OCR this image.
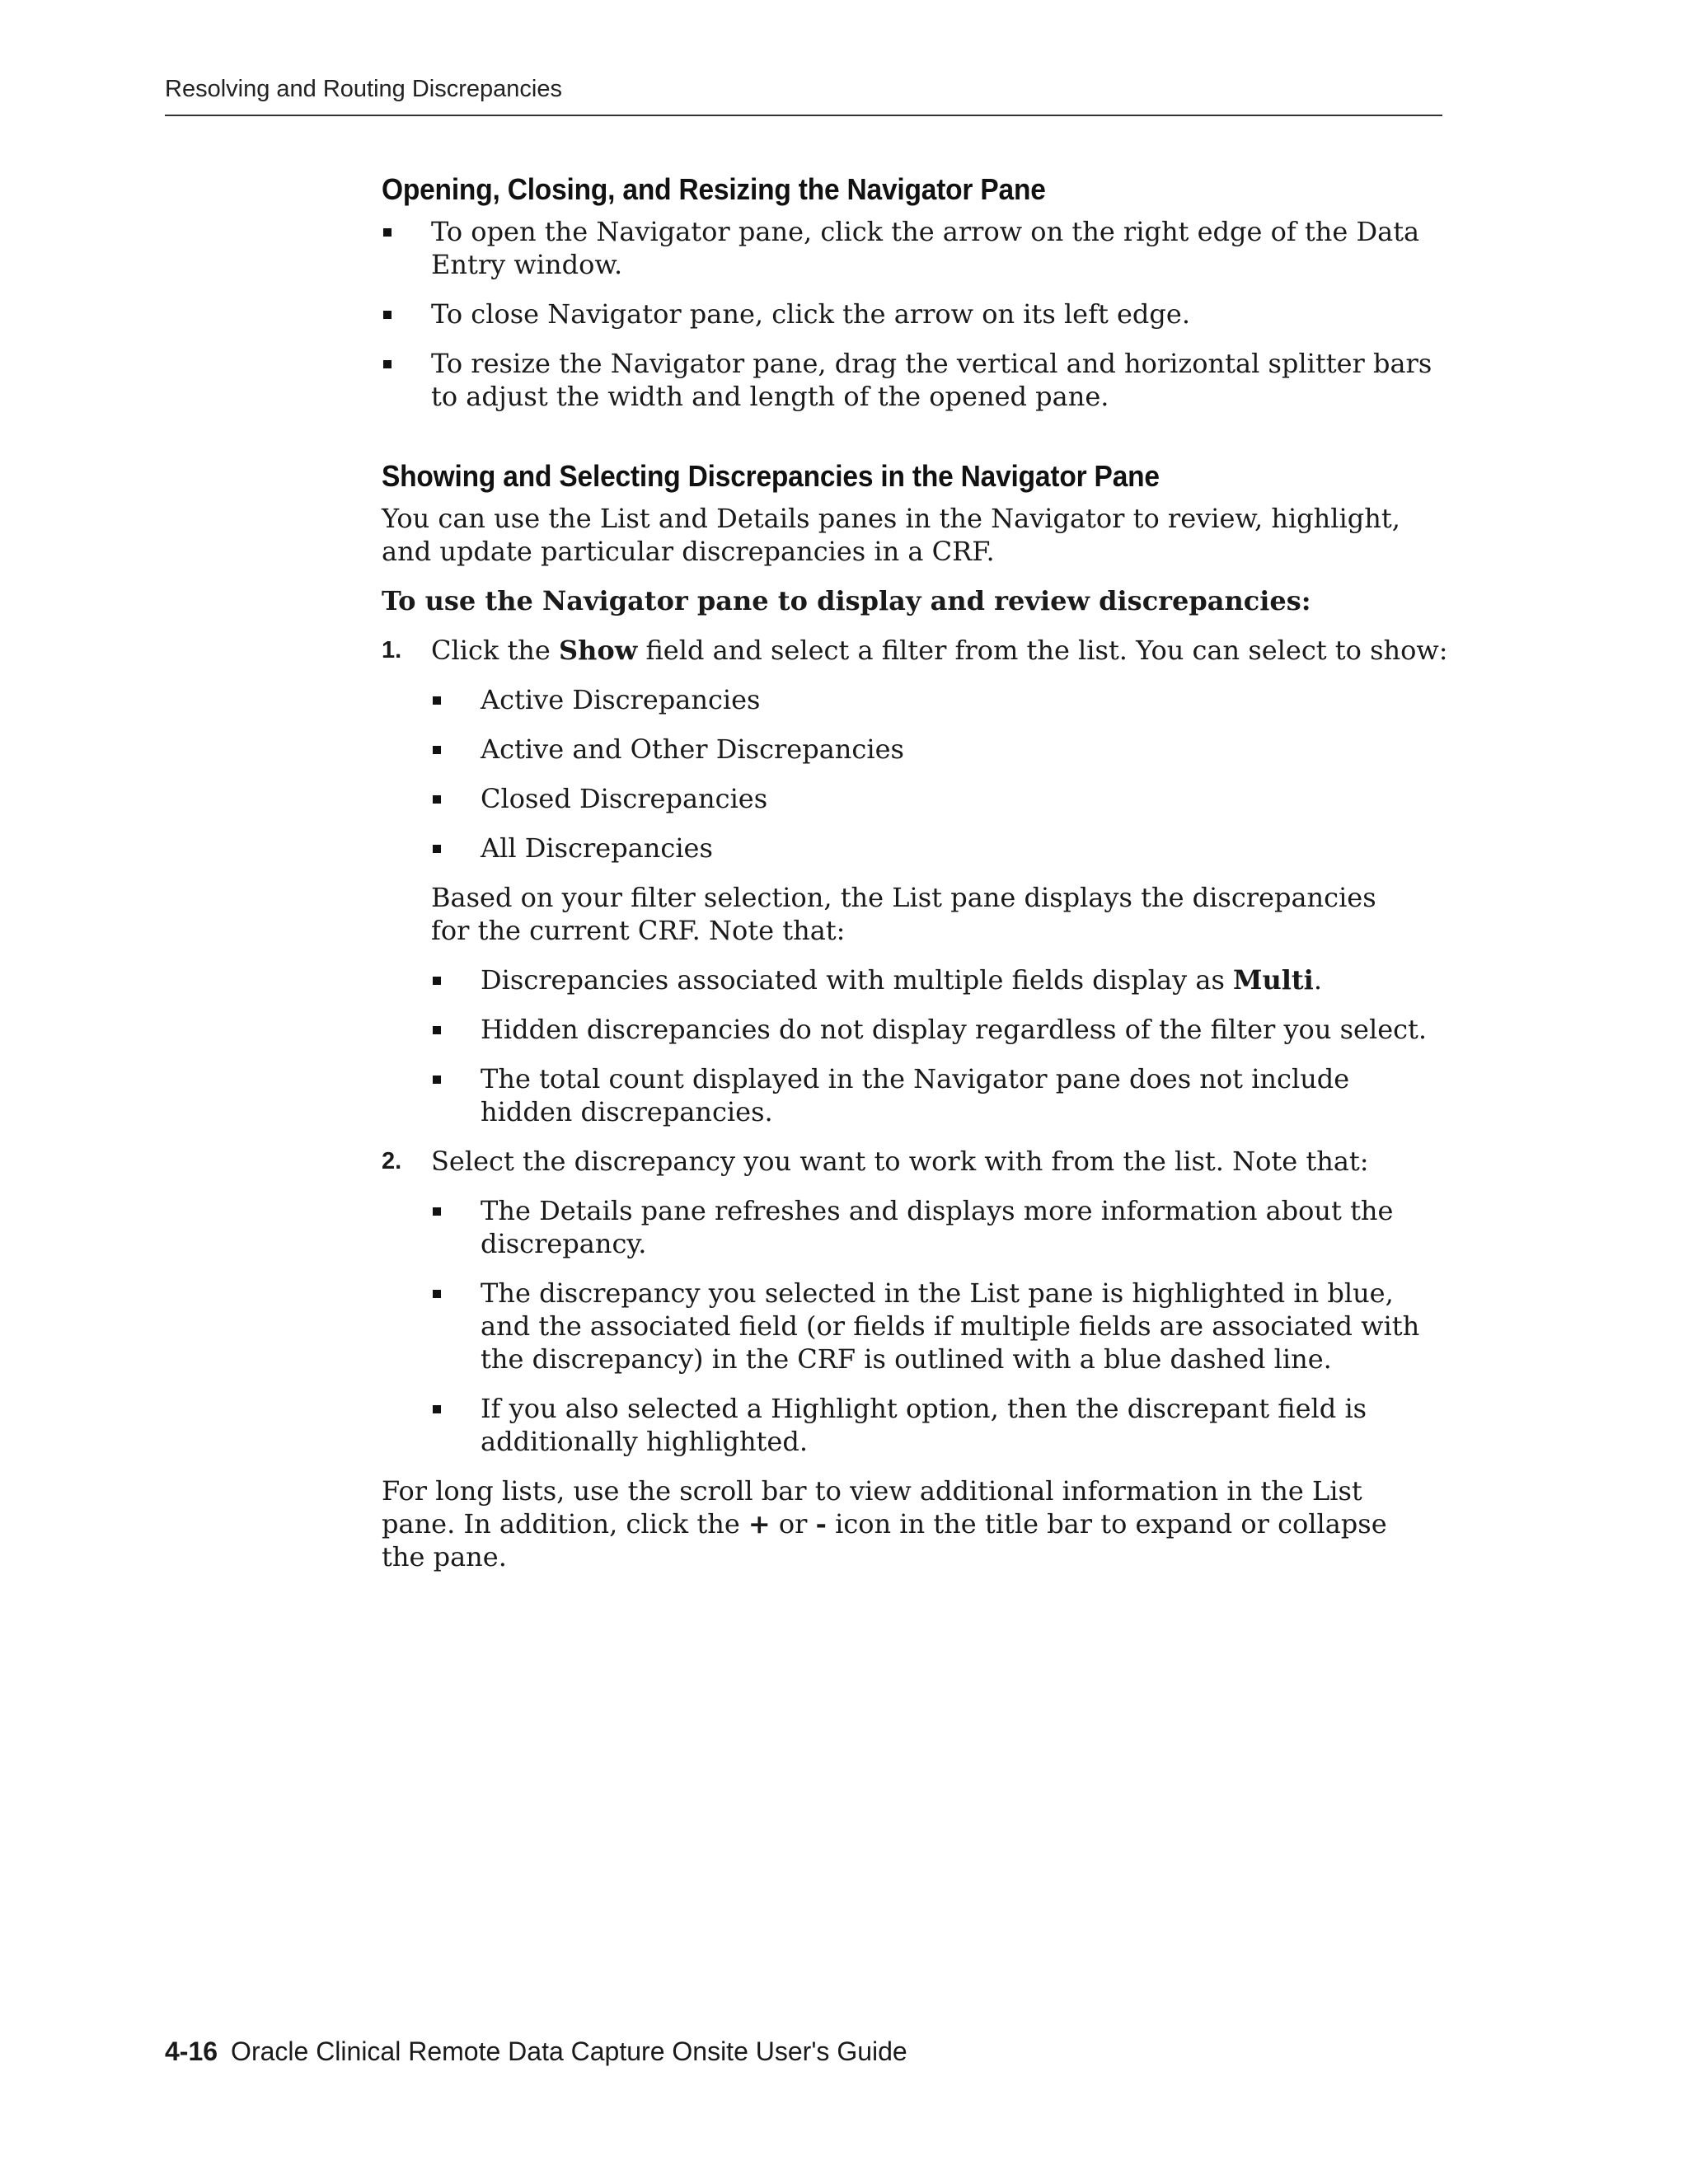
Resolving and Routing Discrepancies
Opening, Closing, and Resizing the Navigator Pane
To open the Navigator pane, click the arrow on the right edge of the Data Entry window.
To close Navigator pane, click the arrow on its left edge.
To resize the Navigator pane, drag the vertical and horizontal splitter bars to adjust the width and length of the opened pane.
Showing and Selecting Discrepancies in the Navigator Pane
You can use the List and Details panes in the Navigator to review, highlight, and update particular discrepancies in a CRF.
To use the Navigator pane to display and review discrepancies:
1. Click the Show field and select a filter from the list. You can select to show:
Active Discrepancies
Active and Other Discrepancies
Closed Discrepancies
All Discrepancies
Based on your filter selection, the List pane displays the discrepancies for the current CRF. Note that:
Discrepancies associated with multiple fields display as Multi.
Hidden discrepancies do not display regardless of the filter you select.
The total count displayed in the Navigator pane does not include hidden discrepancies.
2. Select the discrepancy you want to work with from the list. Note that:
The Details pane refreshes and displays more information about the discrepancy.
The discrepancy you selected in the List pane is highlighted in blue, and the associated field (or fields if multiple fields are associated with the discrepancy) in the CRF is outlined with a blue dashed line.
If you also selected a Highlight option, then the discrepant field is additionally highlighted.
For long lists, use the scroll bar to view additional information in the List pane. In addition, click the + or - icon in the title bar to expand or collapse the pane.
4-16 Oracle Clinical Remote Data Capture Onsite User's Guide
